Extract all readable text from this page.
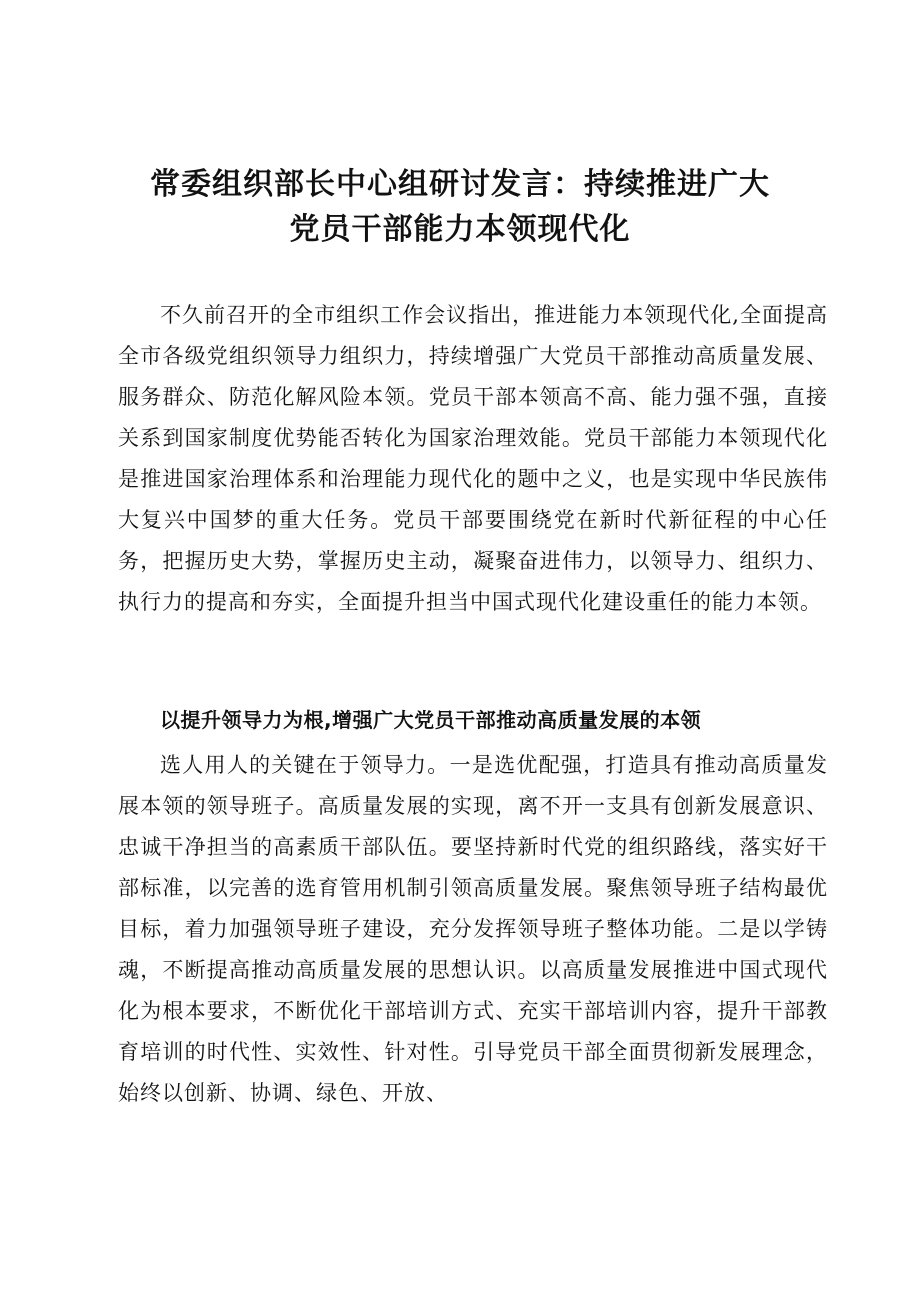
常委组织部长中心组研讨发言：持续推进广大
党员干部能力本领现代化

不久前召开的全市组织工作会议指出，推进能力本领现代化,全面提高全市各级党组织领导力组织力，持续增强广大党员干部推动高质量发展、服务群众、防范化解风险本领。党员干部本领高不高、能力强不强，直接关系到国家制度优势能否转化为国家治理效能。党员干部能力本领现代化是推进国家治理体系和治理能力现代化的题中之义，也是实现中华民族伟大复兴中国梦的重大任务。党员干部要围绕党在新时代新征程的中心任务，把握历史大势，掌握历史主动，凝聚奋进伟力，以领导力、组织力、执行力的提高和夯实，全面提升担当中国式现代化建设重任的能力本领。

以提升领导力为根,增强广大党员干部推动高质量发展的本领

选人用人的关键在于领导力。一是选优配强，打造具有推动高质量发展本领的领导班子。高质量发展的实现，离不开一支具有创新发展意识、忠诚干净担当的高素质干部队伍。要坚持新时代党的组织路线，落实好干部标准，以完善的选育管用机制引领高质量发展。聚焦领导班子结构最优目标，着力加强领导班子建设，充分发挥领导班子整体功能。二是以学铸魂，不断提高推动高质量发展的思想认识。以高质量发展推进中国式现代化为根本要求，不断优化干部培训方式、充实干部培训内容，提升干部教育培训的时代性、实效性、针对性。引导党员干部全面贯彻新发展理念，始终以创新、协调、绿色、开放、
